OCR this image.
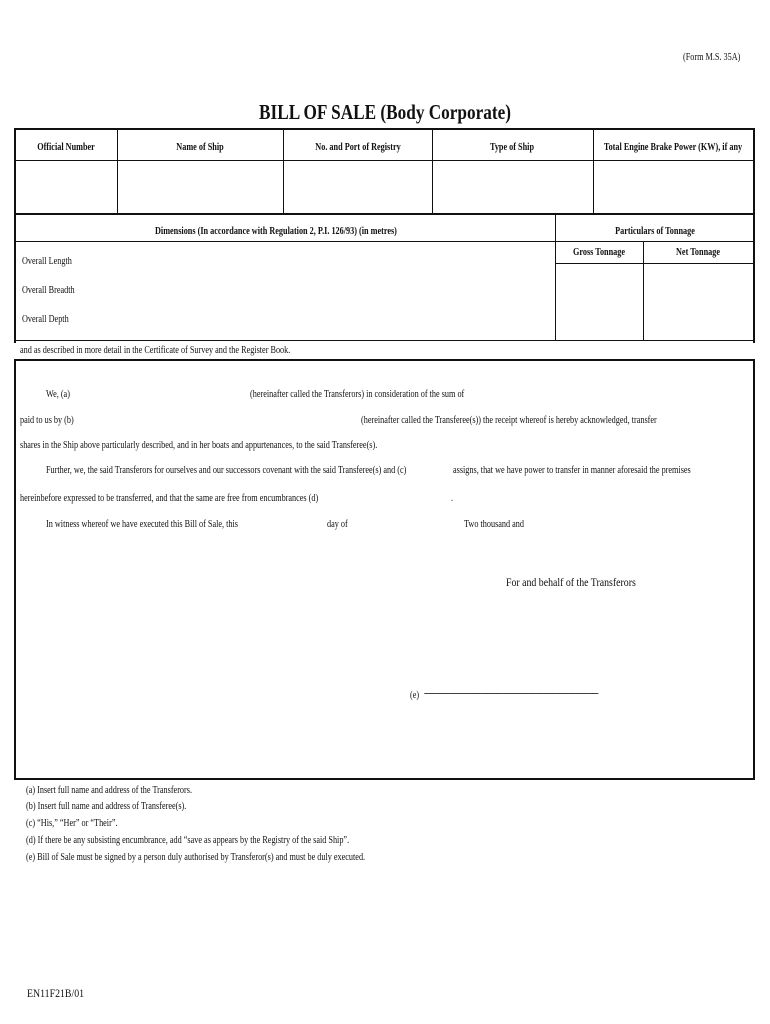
(Form M.S. 35A)
BILL OF SALE (Body Corporate)
Official Number	Name of Ship	No. and Port of Registry	Type of Ship	Total Engine Brake Power (KW), if any
Dimensions (In accordance with Regulation 2, P.I. 126/93) (in metres)	Particulars of Tonnage
Gross Tonnage	Net Tonnage
Overall Length
Overall Breadth
Overall Depth
and as described in more detail in the Certificate of Survey and the Register Book.
We, (a)	(hereinafter called the Transferors) in consideration of the sum of
paid to us by (b)	(hereinafter called the Transferee(s)) the receipt whereof is hereby acknowledged, transfer
shares in the Ship above particularly described, and in her boats and appurtenances, to the said Transferee(s).
Further, we, the said Transferors for ourselves and our successors covenant with the said Transferee(s) and (c)	assigns, that we have power to transfer in manner aforesaid the premises
hereinbefore expressed to be transferred, and that the same are free from encumbrances (d)	.
In witness whereof we have executed this Bill of Sale, this	day of	Two thousand and
For and behalf of the Transferors
(e) -------------------------------------------------------------------------------------------
(a) Insert full name and address of the Transferors.
(b) Insert full name and address of Transferee(s).
(c) “His,” “Her” or “Their”.
(d) If there be any subsisting encumbrance, add “save as appears by the Registry of the said Ship”.
(e) Bill of Sale must be signed by a person duly authorised by Transferor(s) and must be duly executed.
EN11F21B/01
